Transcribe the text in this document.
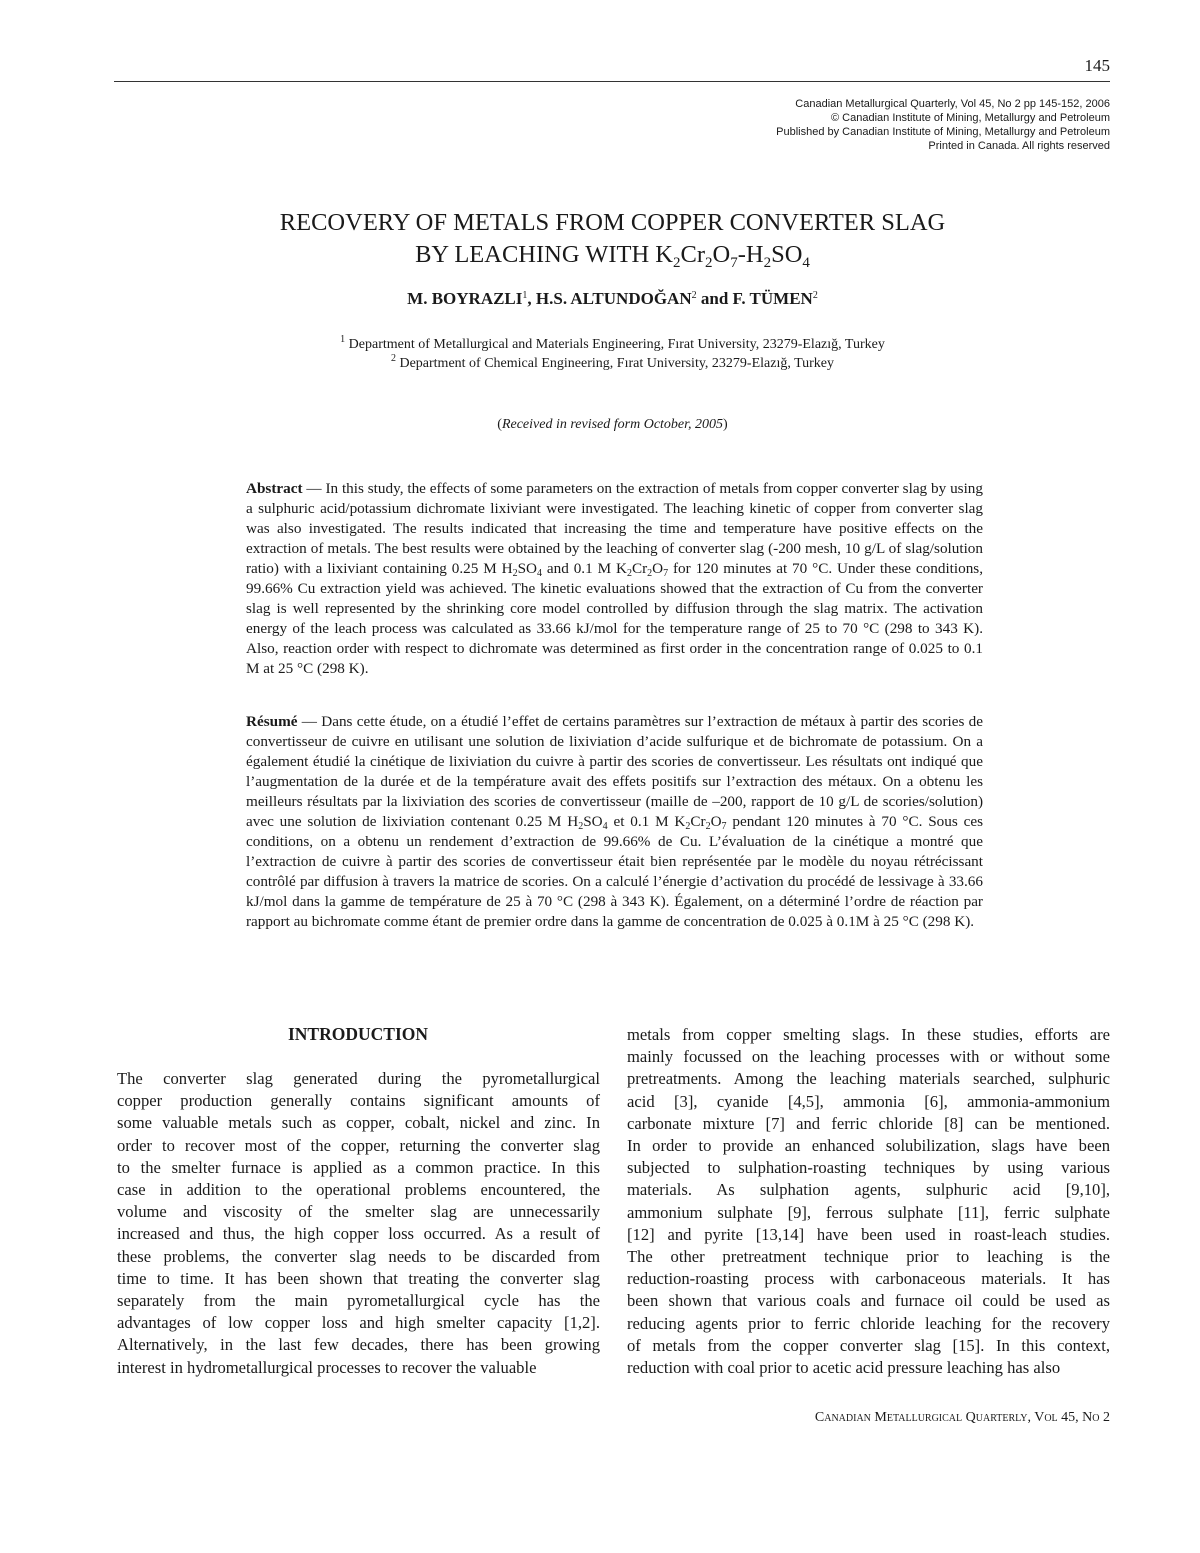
145
Canadian Metallurgical Quarterly, Vol 45, No 2 pp 145-152, 2006
© Canadian Institute of Mining, Metallurgy and Petroleum
Published by Canadian Institute of Mining, Metallurgy and Petroleum
Printed in Canada. All rights reserved
RECOVERY OF METALS FROM COPPER CONVERTER SLAG
BY LEACHING WITH $K_2Cr_2O_7-H_2SO_4$
M. BOYRAZLI$^1$, H.S. ALTUNDOĞAN$^2$ and F. TÜMEN$^2$
$^1$ Department of Metallurgical and Materials Engineering, Fırat University, 23279-Elazığ, Turkey
$^2$ Department of Chemical Engineering, Fırat University, 23279-Elazığ, Turkey
(Received in revised form October, 2005)
Abstract — In this study, the effects of some parameters on the extraction of metals from copper converter slag by using a sulphuric acid/potassium dichromate lixiviant were investigated. The leaching kinetic of copper from converter slag was also investigated. The results indicated that increasing the time and temperature have positive effects on the extraction of metals. The best results were obtained by the leaching of converter slag (-200 mesh, 10 g/L of slag/solution ratio) with a lixiviant containing 0.25 M $H_2SO_4$ and 0.1 M $K_2Cr_2O_7$ for 120 minutes at 70 °C. Under these conditions, 99.66% Cu extraction yield was achieved. The kinetic evaluations showed that the extraction of Cu from the converter slag is well represented by the shrinking core model controlled by diffusion through the slag matrix. The activation energy of the leach process was calculated as 33.66 kJ/mol for the temperature range of 25 to 70 °C (298 to 343 K). Also, reaction order with respect to dichromate was determined as first order in the concentration range of 0.025 to 0.1 M at 25 °C (298 K).
Résumé — Dans cette étude, on a étudié l’effet de certains paramètres sur l’extraction de métaux à partir des scories de convertisseur de cuivre en utilisant une solution de lixiviation d’acide sulfurique et de bichromate de potassium. On a également étudié la cinétique de lixiviation du cuivre à partir des scories de convertisseur. Les résultats ont indiqué que l’augmentation de la durée et de la température avait des effets positifs sur l’extraction des métaux. On a obtenu les meilleurs résultats par la lixiviation des scories de convertisseur (maille de –200, rapport de 10 g/L de scories/solution) avec une solution de lixiviation contenant 0.25 M $H_2SO_4$ et 0.1 M $K_2Cr_2O_7$ pendant 120 minutes à 70 °C. Sous ces conditions, on a obtenu un rendement d’extraction de 99.66% de Cu. L’évaluation de la cinétique a montré que l’extraction de cuivre à partir des scories de convertisseur était bien représentée par le modèle du noyau rétrécissant contrôlé par diffusion à travers la matrice de scories. On a calculé l’énergie d’activation du procédé de lessivage à 33.66 kJ/mol dans la gamme de température de 25 à 70 °C (298 à 343 K). Également, on a déterminé l’ordre de réaction par rapport au bichromate comme étant de premier ordre dans la gamme de concentration de 0.025 à 0.1M à 25 °C (298 K).
INTRODUCTION
The converter slag generated during the pyrometallurgical
copper production generally contains significant amounts of
some valuable metals such as copper, cobalt, nickel and zinc. In
order to recover most of the copper, returning the converter slag
to the smelter furnace is applied as a common practice. In this
case in addition to the operational problems encountered, the
volume and viscosity of the smelter slag are unnecessarily
increased and thus, the high copper loss occurred. As a result of
these problems, the converter slag needs to be discarded from
time to time. It has been shown that treating the converter slag
separately from the main pyrometallurgical cycle has the
advantages of low copper loss and high smelter capacity [1,2].
Alternatively, in the last few decades, there has been growing
interest in hydrometallurgical processes to recover the valuable
metals from copper smelting slags. In these studies, efforts are
mainly focussed on the leaching processes with or without some
pretreatments. Among the leaching materials searched, sulphuric
acid [3], cyanide [4,5], ammonia [6], ammonia-ammonium
carbonate mixture [7] and ferric chloride [8] can be mentioned.
In order to provide an enhanced solubilization, slags have been
subjected to sulphation-roasting techniques by using various
materials. As sulphation agents, sulphuric acid [9,10],
ammonium sulphate [9], ferrous sulphate [11], ferric sulphate
[12] and pyrite [13,14] have been used in roast-leach studies.
The other pretreatment technique prior to leaching is the
reduction-roasting process with carbonaceous materials. It has
been shown that various coals and furnace oil could be used as
reducing agents prior to ferric chloride leaching for the recovery
of metals from the copper converter slag [15]. In this context,
reduction with coal prior to acetic acid pressure leaching has also
Canadian Metallurgical Quarterly, Vol 45, No 2
